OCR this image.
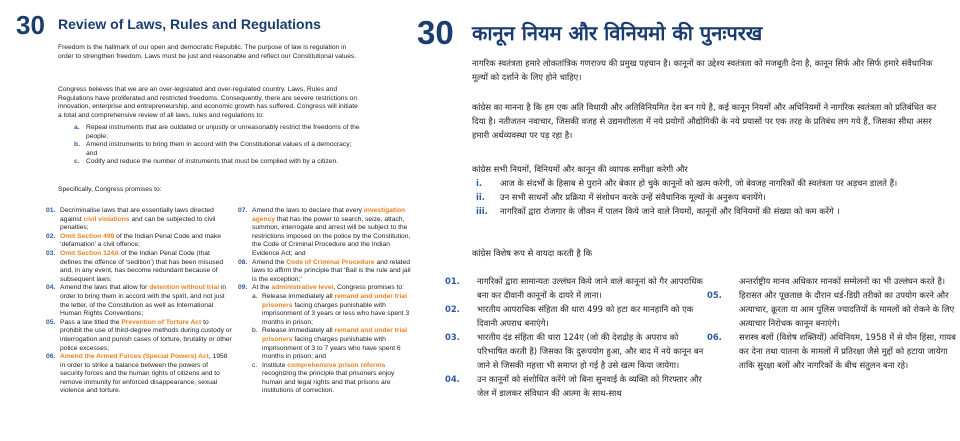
30 Review of Laws, Rules and Regulations

Freedom is the hallmark of our open and democratic Republic. The purpose of law is regulation in order to strengthen freedom. Laws must be just and reasonable and reflect our Constitutional values.

Congress believes that we are an over-legislated and over-regulated country. Laws, Rules and Regulations have proliferated and restricted freedoms. Consequently, there are severe restrictions on innovation, enterprise and entrepreneurship, and economic growth has suffered. Congress will initiate a total and comprehensive review of all laws, rules and regulations to:

a. Repeal instruments that are outdated or unjustly or unreasonably restrict the freedoms of the people;
b. Amend instruments to bring them in accord with the Constitutional values of a democracy; and
c. Codify and reduce the number of instruments that must be complied with by a citizen.

Specifically, Congress promises to:

01. Decriminalise laws that are essentially laws directed against civil violations and can be subjected to civil penalties;
02. Omit Section 499 of the Indian Penal Code and make ‘defamation’ a civil offence;
03. Omit Section 124A of the Indian Penal Code (that defines the offence of ‘sedition’) that has been misused and, in any event, has become redundant because of subsequent laws;
04. Amend the laws that allow for detention without trial in order to bring them in accord with the spirit, and not just the letter, of the Constitution as well as International Human Rights Conventions;
05. Pass a law titled the Prevention of Torture Act to prohibit the use of third-degree methods during custody or interrogation and punish cases of torture, brutality or other police excesses;
06. Amend the Armed Forces (Special Powers) Act, 1958 in order to strike a balance between the powers of security forces and the human rights of citizens and to remove immunity for enforced disappearance, sexual violence and torture.
07. Amend the laws to declare that every investigation agency that has the power to search, seize, attach, summon, interrogate and arrest will be subject to the restrictions imposed on the police by the Constitution, the Code of Criminal Procedure and the Indian Evidence Act; and
08. Amend the Code of Criminal Procedure and related laws to affirm the principle that ‘Bail is the rule and jail is the exception;’
09. At the administrative level, Congress promises to:
a. Release immediately all remand and under trial prisoners facing charges punishable with imprisonment of 3 years or less who have spent 3 months in prison;
b. Release immediately all remand and under trial prisoners facing charges punishable with imprisonment of 3 to 7 years who have spent 6 months in prison; and
c. Institute comprehensive prison reforms recognizing the principle that prisoners enjoy human and legal rights and that prisons are institutions of correction.
30 कानून नियम और विनियमो की पुनःपरख

नागरिक स्वतंत्रता हमारे लोकतांत्रिक गणराज्य की प्रमुख पहचान है। कानूनों का उद्देश्य स्वतंत्रता को मजबूती देना है, कानून सिर्फ और सिर्फ हमारे संवैधानिक मूल्यों को दर्शाने के लिए होने चाहिए।

कांग्रेस का मानना है कि हम एक अति विधायी और अतिविनियमित देश बन गये है, कई कानून नियमों और अधिनियमों ने नागरिक स्वतंत्रता को प्रतिबंधित कर दिया है। नतीजतन नवाचार, जिसकी वजह से उद्यमशीलता में नये प्रयोगों औद्योगिकी के नये प्रयासों पर एक तरह के प्रतिबंध लग गये हैं, जिसका सीधा असर हमारी अर्थव्यवस्था पर पड़ रहा है।

कांग्रेस सभी नियमों, विनियमों और कानून की व्यापक समीक्षा करेगी और

i. आज के संदर्भों के हिसाब से पुराने और बेकार हो चुके कानूनों को खत्म करेगी, जो बेवजह नागरिकों की स्वतंत्रता पर अड़चन डालते हैं।
ii. उन सभी साधनों और प्रक्रिया में संशोधन करके उन्हें संवैधानिक मूल्यों के अनुरूप बनायेंगे।
iii. नागरिकों द्वारा रोजगार के जीवन में पालन किये जाने वाले नियमों, कानूनों और विनियमों की संख्या को कम करेंगे ।

कांग्रेस विशेष रूप से वायदा करती है कि

01. नागरिकों द्वारा सामान्यतः उल्लंघन किये जाने वाले कानूनां को गैर आपराधिक बना कर दीवानी कानूनों के दायरे में लाना।
02. भारतीय आपराधिक संहिता की धारा 499 को हटा कर मानहानि को एक दिवानी अपराध बनाएंगे।
03. भारतीय दंड संहिता की धारा 124ए (जो की देशद्रोह के अपराध को परिभाषित करती है) जिसका कि दुरूपयोग हुआ, और बाद में नये कानून बन जाने से जिसकी महत्ता भी समाप्त हो गई है उसे खत्म किया जायेगा।
04. उन कानूनों को संशोधित करेंगे जो बिना सुनवाई के व्यक्ति को गिरफ्तार और जेल में डालकर संविधान की आत्मा के साथ-साथ
अन्तर्राष्ट्रीय मानव अधिकार मानकों सम्मेलनों का भी उल्लंघन करते है।
05. हिरासत और पूछताछ के दौरान थर्ड-डिग्री तरीको का उपयोग करने और अत्याचार, क्रूरता या आम पुलिस ज्यादतियों के मामलों को रोकने के लिए अत्याचार निरोधक कानून बनाएंगे।
06. सशस्त्र बलों (विशेष शक्तियों) अधिनियम, 1958 में से यौन हिंसा, गायब कर देना तथा यातना के मामलों में प्रतिरक्षा जैसे मुद्दों को हटाया जायेगा ताकि सुरक्षा बलों और नागरिकों के बीच संतुलन बना रहे।
